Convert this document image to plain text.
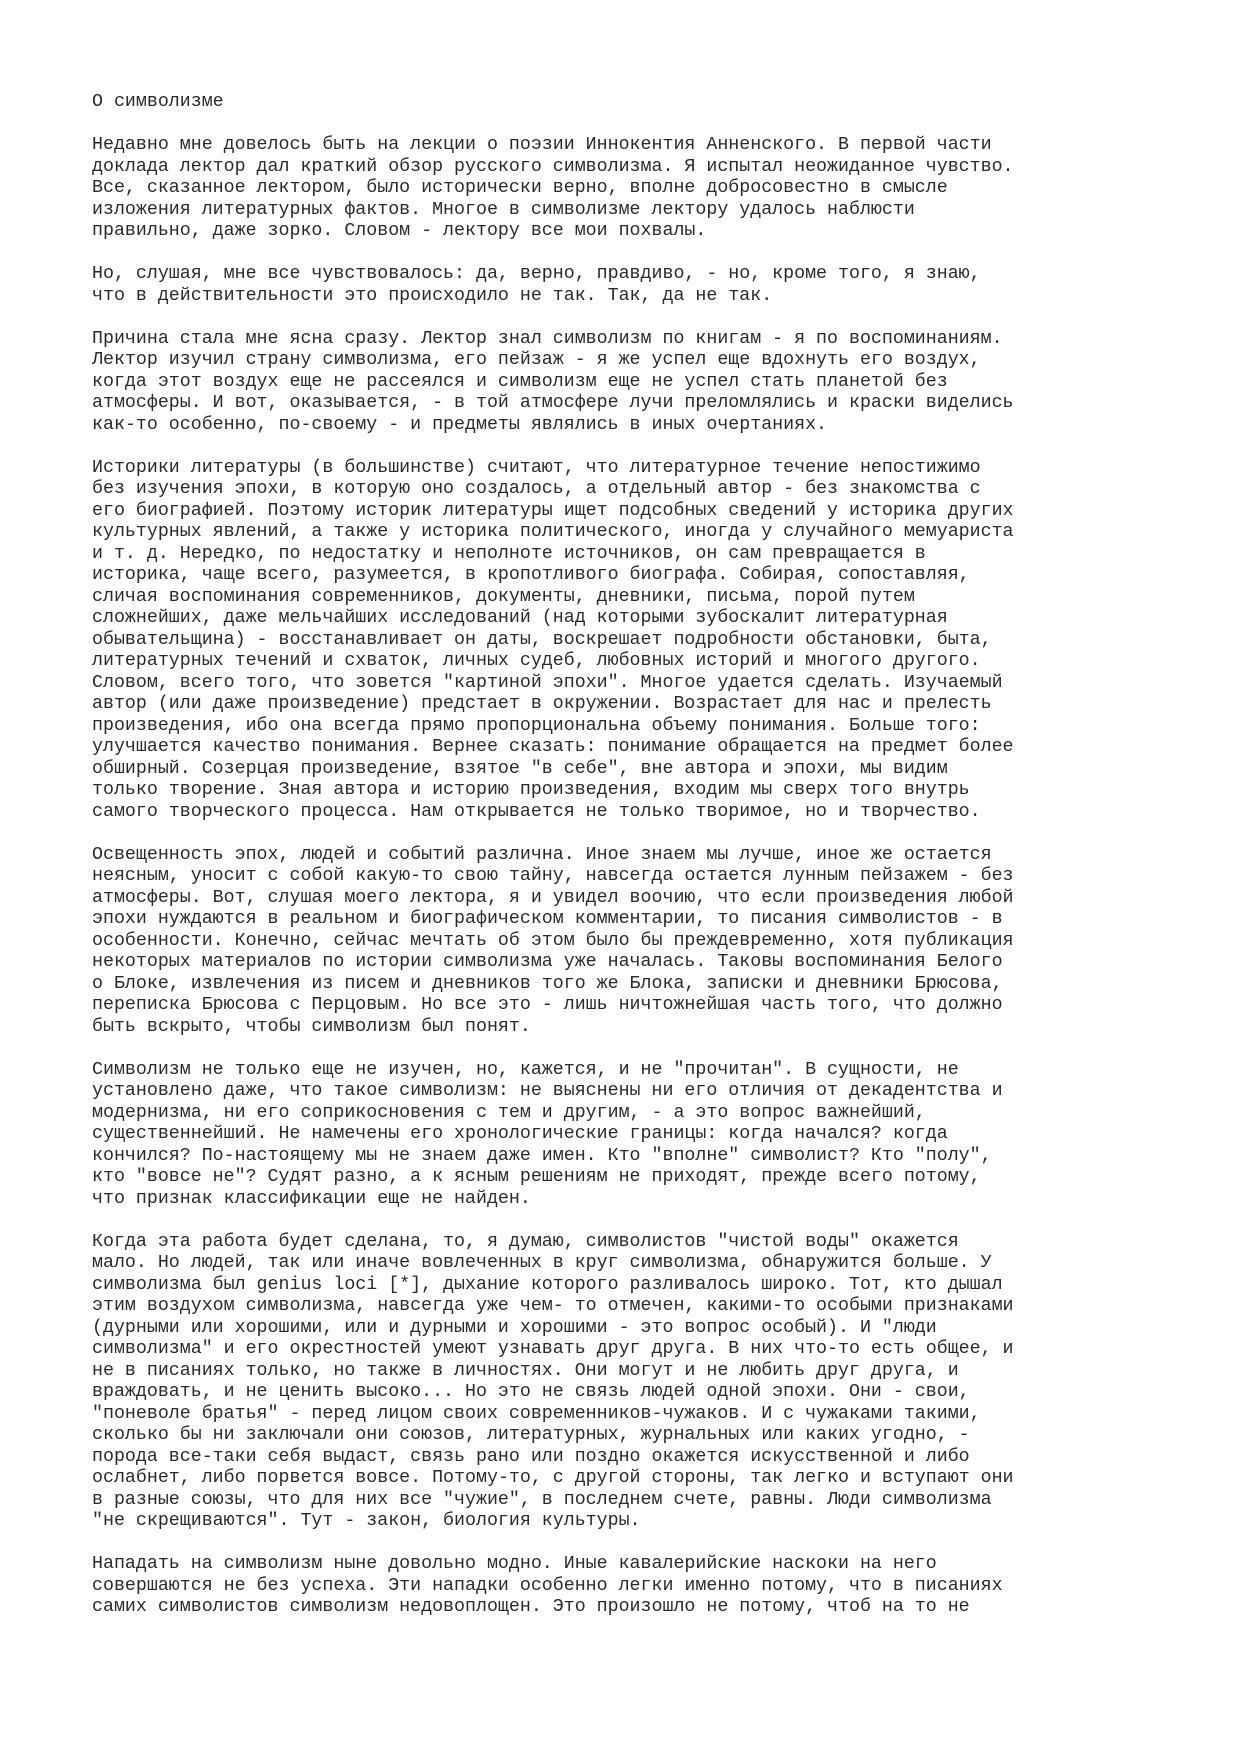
О символизме
Недавно мне довелось быть на лекции о поэзии Иннокентия Анненского. В первой части
доклада лектор дал краткий обзор русского символизма. Я испытал неожиданное чувство.
Все, сказанное лектором, было исторически верно, вполне добросовестно в смысле
изложения литературных фактов. Многое в символизме лектору удалось наблюсти
правильно, даже зорко. Словом - лектору все мои похвалы.
Но, слушая, мне все чувствовалось: да, верно, правдиво, - но, кроме того, я знаю,
что в действительности это происходило не так. Так, да не так.
Причина стала мне ясна сразу. Лектор знал символизм по книгам - я по воспоминаниям.
Лектор изучил страну символизма, его пейзаж - я же успел еще вдохнуть его воздух,
когда этот воздух еще не рассеялся и символизм еще не успел стать планетой без
атмосферы. И вот, оказывается, - в той атмосфере лучи преломлялись и краски виделись
как-то особенно, по-своему - и предметы являлись в иных очертаниях.
Историки литературы (в большинстве) считают, что литературное течение непостижимо
без изучения эпохи, в которую оно создалось, а отдельный автор - без знакомства с
его биографией. Поэтому историк литературы ищет подсобных сведений у историка других
культурных явлений, а также у историка политического, иногда у случайного мемуариста
и т. д. Нередко, по недостатку и неполноте источников, он сам превращается в
историка, чаще всего, разумеется, в кропотливого биографа. Собирая, сопоставляя,
сличая воспоминания современников, документы, дневники, письма, порой путем
сложнейших, даже мельчайших исследований (над которыми зубоскалит литературная
обывательщина) - восстанавливает он даты, воскрешает подробности обстановки, быта,
литературных течений и схваток, личных судеб, любовных историй и многого другого.
Словом, всего того, что зовется "картиной эпохи". Многое удается сделать. Изучаемый
автор (или даже произведение) предстает в окружении. Возрастает для нас и прелесть
произведения, ибо она всегда прямо пропорциональна объему понимания. Больше того:
улучшается качество понимания. Вернее сказать: понимание обращается на предмет более
обширный. Созерцая произведение, взятое "в себе", вне автора и эпохи, мы видим
только творение. Зная автора и историю произведения, входим мы сверх того внутрь
самого творческого процесса. Нам открывается не только творимое, но и творчество.
Освещенность эпох, людей и событий различна. Иное знаем мы лучше, иное же остается
неясным, уносит с собой какую-то свою тайну, навсегда остается лунным пейзажем - без
атмосферы. Вот, слушая моего лектора, я и увидел воочию, что если произведения любой
эпохи нуждаются в реальном и биографическом комментарии, то писания символистов - в
особенности. Конечно, сейчас мечтать об этом было бы преждевременно, хотя публикация
некоторых материалов по истории символизма уже началась. Таковы воспоминания Белого
о Блоке, извлечения из писем и дневников того же Блока, записки и дневники Брюсова,
переписка Брюсова с Перцовым. Но все это - лишь ничтожнейшая часть того, что должно
быть вскрыто, чтобы символизм был понят.
Символизм не только еще не изучен, но, кажется, и не "прочитан". В сущности, не
установлено даже, что такое символизм: не выяснены ни его отличия от декадентства и
модернизма, ни его соприкосновения с тем и другим, - а это вопрос важнейший,
существеннейший. Не намечены его хронологические границы: когда начался? когда
кончился? По-настоящему мы не знаем даже имен. Кто "вполне" символист? Кто "полу",
кто "вовсе не"? Судят разно, а к ясным решениям не приходят, прежде всего потому,
что признак классификации еще не найден.
Когда эта работа будет сделана, то, я думаю, символистов "чистой воды" окажется
мало. Но людей, так или иначе вовлеченных в круг символизма, обнаружится больше. У
символизма был genius loci [*], дыхание которого разливалось широко. Тот, кто дышал
этим воздухом символизма, навсегда уже чем- то отмечен, какими-то особыми признаками
(дурными или хорошими, или и дурными и хорошими - это вопрос особый). И "люди
символизма" и его окрестностей умеют узнавать друг друга. В них что-то есть общее, и
не в писаниях только, но также в личностях. Они могут и не любить друг друга, и
враждовать, и не ценить высоко... Но это не связь людей одной эпохи. Они - свои,
"поневоле братья" - перед лицом своих современников-чужаков. И с чужаками такими,
сколько бы ни заключали они союзов, литературных, журнальных или каких угодно, -
порода все-таки себя выдаст, связь рано или поздно окажется искусственной и либо
ослабнет, либо порвется вовсе. Потому-то, с другой стороны, так легко и вступают они
в разные союзы, что для них все "чужие", в последнем счете, равны. Люди символизма
"не скрещиваются". Тут - закон, биология культуры.
Нападать на символизм ныне довольно модно. Иные кавалерийские наскоки на него
совершаются не без успеха. Эти нападки особенно легки именно потому, что в писаниях
самих символистов символизм недовоплощен. Это произошло не потому, чтоб на то не
